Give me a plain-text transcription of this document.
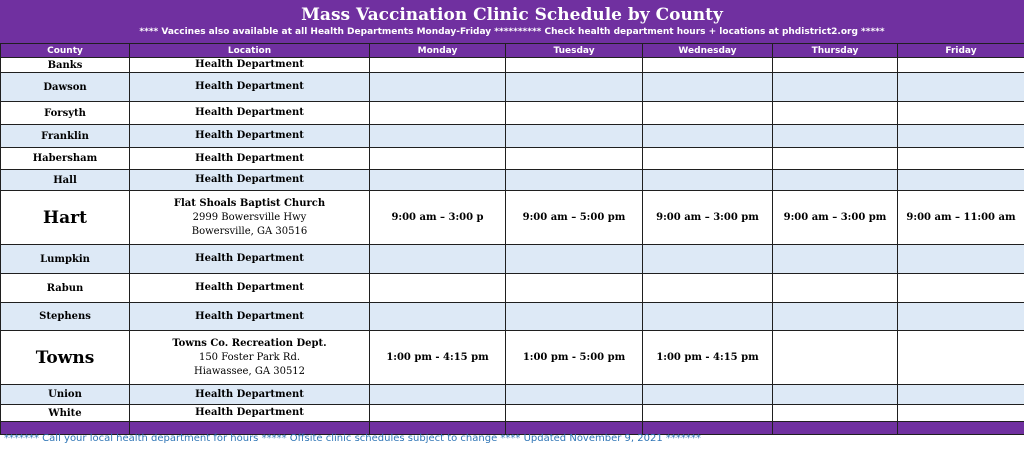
Mass Vaccination Clinic Schedule by County
**** Vaccines also available at all Health Departments Monday-Friday ********** Check health department hours + locations at phdistrict2.org *****
County	Location	Monday	Tuesday	Wednesday	Thursday	Friday
Banks	Health Department					
Dawson	Health Department					
Forsyth	Health Department					
Franklin	Health Department					
Habersham	Health Department					
Hall	Health Department					
Hart	Flat Shoals Baptist Church
2999 Bowersville Hwy
Bowersville, GA 30516	9:00 am – 3:00 p	9:00 am – 5:00 pm	9:00 am – 3:00 pm	9:00 am – 3:00 pm	9:00 am – 11:00 am
Lumpkin	Health Department					
Rabun	Health Department					
Stephens	Health Department					
Towns	Towns Co. Recreation Dept.
150 Foster Park Rd.
Hiawassee, GA 30512	1:00 pm - 4:15 pm	1:00 pm - 5:00 pm	1:00 pm - 4:15 pm		
Union	Health Department					
White	Health Department					

******* Call your local health department for hours ***** Offsite clinic schedules subject to change **** Updated November 9, 2021 *******
